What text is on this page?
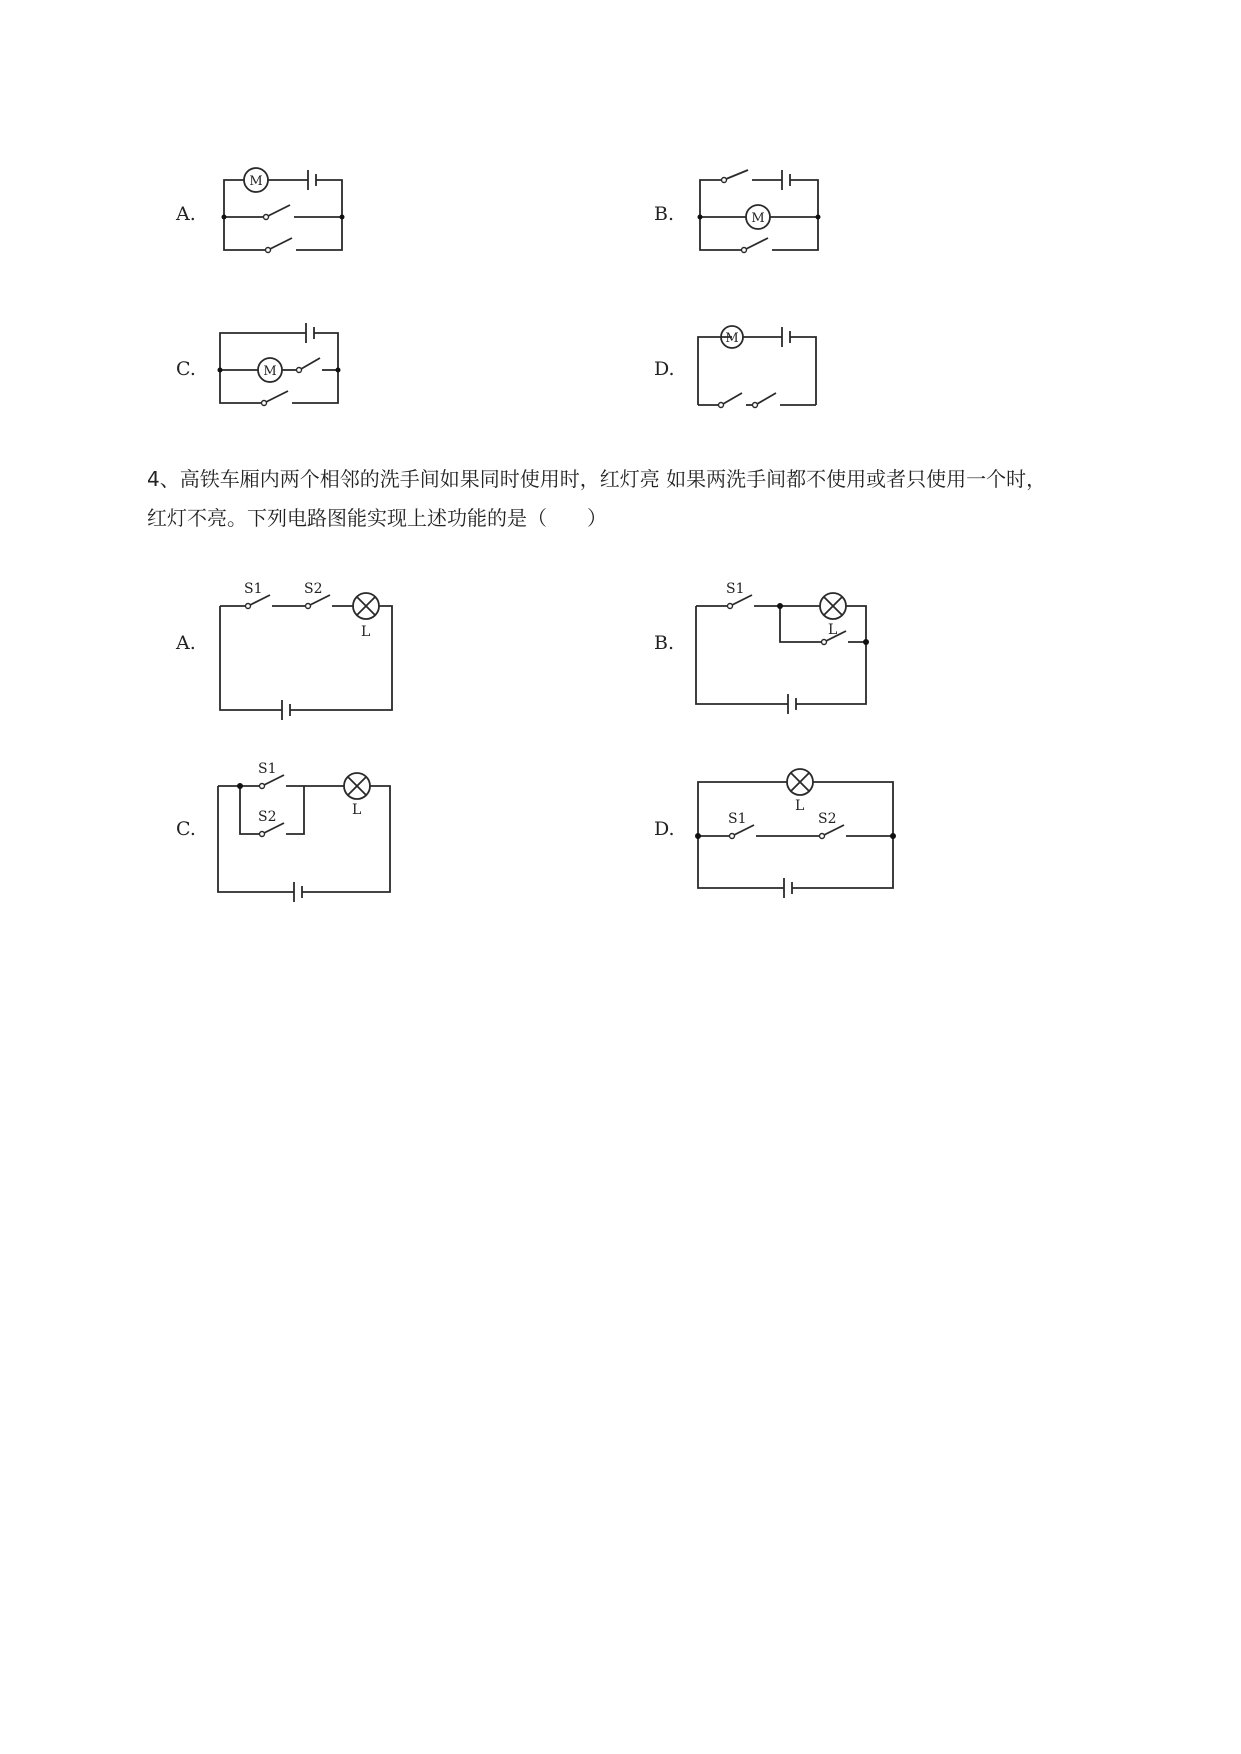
A.
M
B.	M
C.	M	D.
M
4、高铁车厢内两个相邻的洗手间如果同时使用时，红灯亮 如果两洗手间都不使用或者只使用一个时，
红灯不亮。下列电路图能实现上述功能的是（　　）
A.
S1	S2
L	B.
S1
L
C.
S1
L
S2
D.
L
S1	S2
